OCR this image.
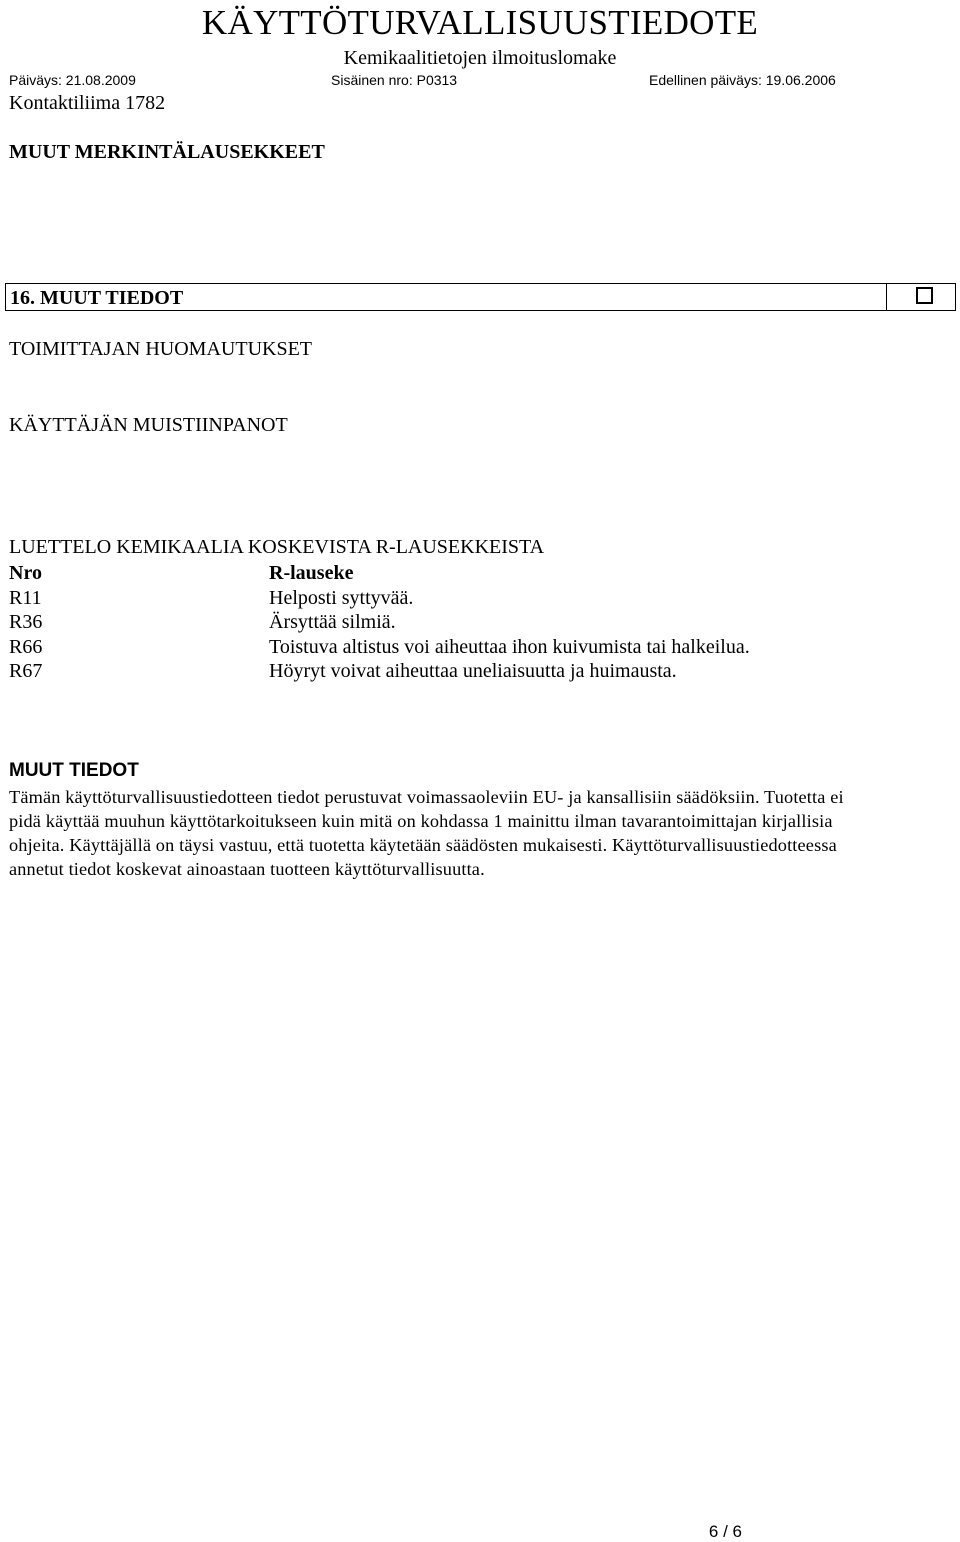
KÄYTTÖTURVALLISUUSTIEDOTE
Kemikaalitietojen ilmoituslomake
Päiväys: 21.08.2009	Sisäinen nro: P0313	Edellinen päiväys: 19.06.2006
Kontaktiliima 1782
MUUT MERKINTÄLAUSEKKEET
16. MUUT TIEDOT
TOIMITTAJAN HUOMAUTUKSET
KÄYTTÄJÄN MUISTIINPANOT
LUETTELO KEMIKAALIA KOSKEVISTA R-LAUSEKKEISTA
Nro	R-lauseke
R11	Helposti syttyvää.
R36	Ärsyttää silmiä.
R66	Toistuva altistus voi aiheuttaa ihon kuivumista tai halkeilua.
R67	Höyryt voivat aiheuttaa uneliaisuutta ja huimausta.
MUUT TIEDOT
Tämän käyttöturvallisuustiedotteen tiedot perustuvat voimassaoleviin EU- ja kansallisiin säädöksiin. Tuotetta ei
pidä käyttää muuhun käyttötarkoitukseen kuin mitä on kohdassa 1 mainittu ilman tavarantoimittajan kirjallisia
ohjeita. Käyttäjällä on täysi vastuu, että tuotetta käytetään säädösten mukaisesti. Käyttöturvallisuustiedotteessa
annetut tiedot koskevat ainoastaan tuotteen käyttöturvallisuutta.
6 / 6
